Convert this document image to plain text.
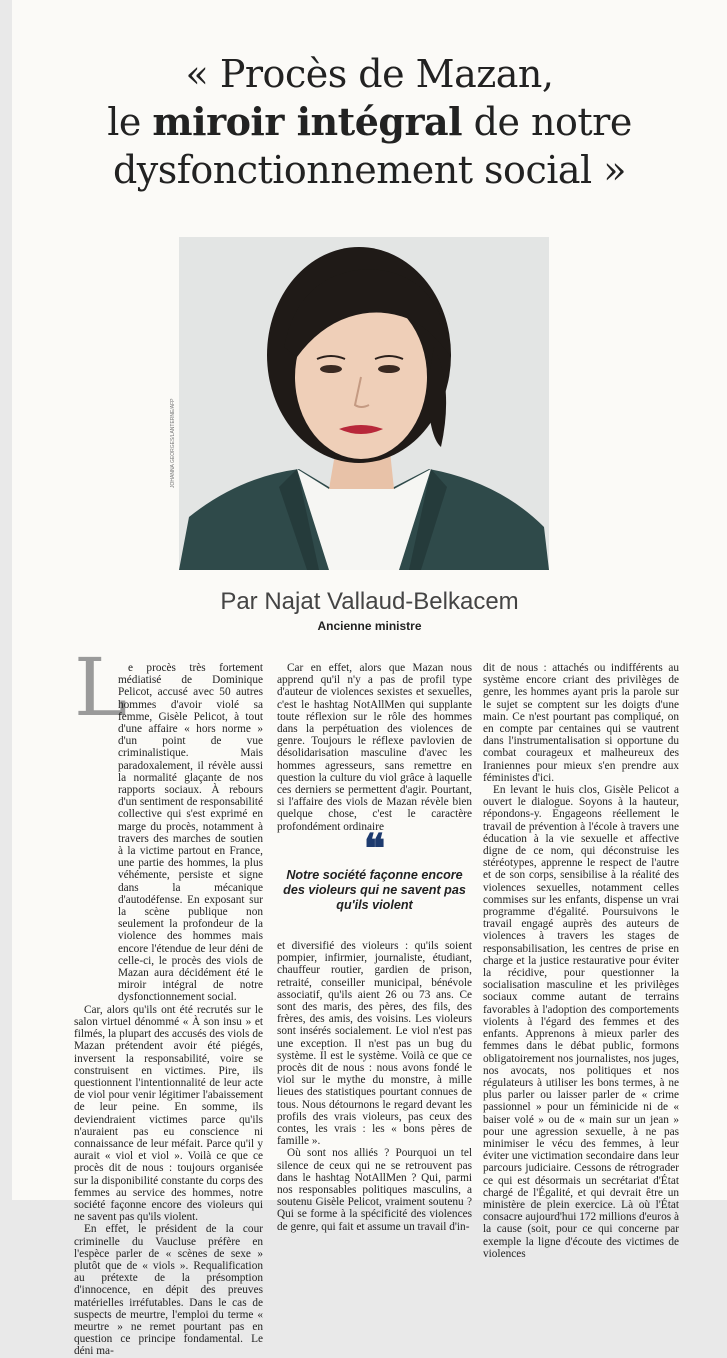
« Procès de Mazan,
le miroir intégral de notre
dysfonctionnement social »
JOHANNA GEORGES/LANTERNE/AFP
Par Najat Vallaud-Belkacem
Ancienne ministre
L e procès très fortement médiatisé de Dominique Pelicot, accusé avec 50 autres hommes d'avoir violé sa femme, Gisèle Pelicot, à tout d'une affaire « hors norme » d'un point de vue criminalistique. Mais paradoxalement, il révèle aussi la normalité glaçante de nos rapports sociaux. À rebours d'un sentiment de responsabilité collective qui s'est exprimé en marge du procès, notamment à travers des marches de soutien à la victime partout en France, une partie des hommes, la plus véhémente, persiste et signe dans la mécanique d'autodéfense. En exposant sur la scène publique non seulement la profondeur de la violence des hommes mais encore l'étendue de leur déni de celle-ci, le procès des viols de Mazan aura décidément été le miroir intégral de notre dysfonctionnement social.

Car, alors qu'ils ont été recrutés sur le salon virtuel dénommé « À son insu » et filmés, la plupart des accusés des viols de Mazan prétendent avoir été piégés, inversent la responsabilité, voire se construisent en victimes. Pire, ils questionnent l'intentionnalité de leur acte de viol pour venir légitimer l'abaissement de leur peine. En somme, ils deviendraient victimes parce qu'ils n'auraient pas eu conscience ni connaissance de leur méfait. Parce qu'il y aurait « viol et viol ». Voilà ce que ce procès dit de nous : toujours organisée sur la disponibilité constante du corps des femmes au service des hommes, notre société façonne encore des violeurs qui ne savent pas qu'ils violent.

En effet, le président de la cour criminelle du Vaucluse préfère en l'espèce parler de « scènes de sexe » plutôt que de « viols ». Requalification au prétexte de la présomption d'innocence, en dépit des preuves matérielles irréfutables. Dans le cas de suspects de meurtre, l'emploi du terme « meurtre » ne remet pourtant pas en question ce principe fondamental. Le déni ma-

Car en effet, alors que Mazan nous apprend qu'il n'y a pas de profil type d'auteur de violences sexistes et sexuelles, c'est le hashtag NotAllMen qui supplante toute réflexion sur le rôle des hommes dans la perpétuation des violences de genre. Toujours le réflexe pavlovien de désolidarisation masculine d'avec les hommes agresseurs, sans remettre en question la culture du viol grâce à laquelle ces derniers se permettent d'agir. Pourtant, si l'affaire des viols de Mazan révèle bien quelque chose, c'est le caractère profondément ordinaire

❝
Notre société façonne encore des violeurs qui ne savent pas qu'ils violent

et diversifié des violeurs : qu'ils soient pompier, infirmier, journaliste, étudiant, chauffeur routier, gardien de prison, retraité, conseiller municipal, bénévole associatif, qu'ils aient 26 ou 73 ans. Ce sont des maris, des pères, des fils, des frères, des amis, des voisins. Les violeurs sont insérés socialement. Le viol n'est pas une exception. Il n'est pas un bug du système. Il est le système. Voilà ce que ce procès dit de nous : nous avons fondé le viol sur le mythe du monstre, à mille lieues des statistiques pourtant connues de tous. Nous détournons le regard devant les profils des vrais violeurs, pas ceux des contes, les vrais : les « bons pères de famille ».

Où sont nos alliés ? Pourquoi un tel silence de ceux qui ne se retrouvent pas dans le hashtag NotAllMen ? Qui, parmi nos responsables politiques masculins, a soutenu Gisèle Pelicot, vraiment soutenu ? Qui se forme à la spécificité des violences de genre, qui fait et assume un travail d'in-

dit de nous : attachés ou indifférents au système encore criant des privilèges de genre, les hommes ayant pris la parole sur le sujet se comptent sur les doigts d'une main. Ce n'est pourtant pas compliqué, on en compte par centaines qui se vautrent dans l'instrumentalisation si opportune du combat courageux et malheureux des Iraniennes pour mieux s'en prendre aux féministes d'ici.

En levant le huis clos, Gisèle Pelicot a ouvert le dialogue. Soyons à la hauteur, répondons-y. Engageons réellement le travail de prévention à l'école à travers une éducation à la vie sexuelle et affective digne de ce nom, qui déconstruise les stéréotypes, apprenne le respect de l'autre et de son corps, sensibilise à la réalité des violences sexuelles, notamment celles commises sur les enfants, dispense un vrai programme d'égalité. Poursuivons le travail engagé auprès des auteurs de violences à travers les stages de responsabilisation, les centres de prise en charge et la justice restaurative pour éviter la récidive, pour questionner la socialisation masculine et les privilèges sociaux comme autant de terrains favorables à l'adoption des comportements violents à l'égard des femmes et des enfants. Apprenons à mieux parler des femmes dans le débat public, formons obligatoirement nos journalistes, nos juges, nos avocats, nos politiques et nos régulateurs à utiliser les bons termes, à ne plus parler ou laisser parler de « crime passionnel » pour un féminicide ni de « baiser volé » ou de « main sur un jean » pour une agression sexuelle, à ne pas minimiser le vécu des femmes, à leur éviter une victimation secondaire dans leur parcours judiciaire. Cessons de rétrograder ce qui est désormais un secrétariat d'État chargé de l'Égalité, et qui devrait être un ministère de plein exercice. Là où l'État consacre aujourd'hui 172 millions d'euros à la cause (soit, pour ce qui concerne par exemple la ligne d'écoute des victimes de violences
